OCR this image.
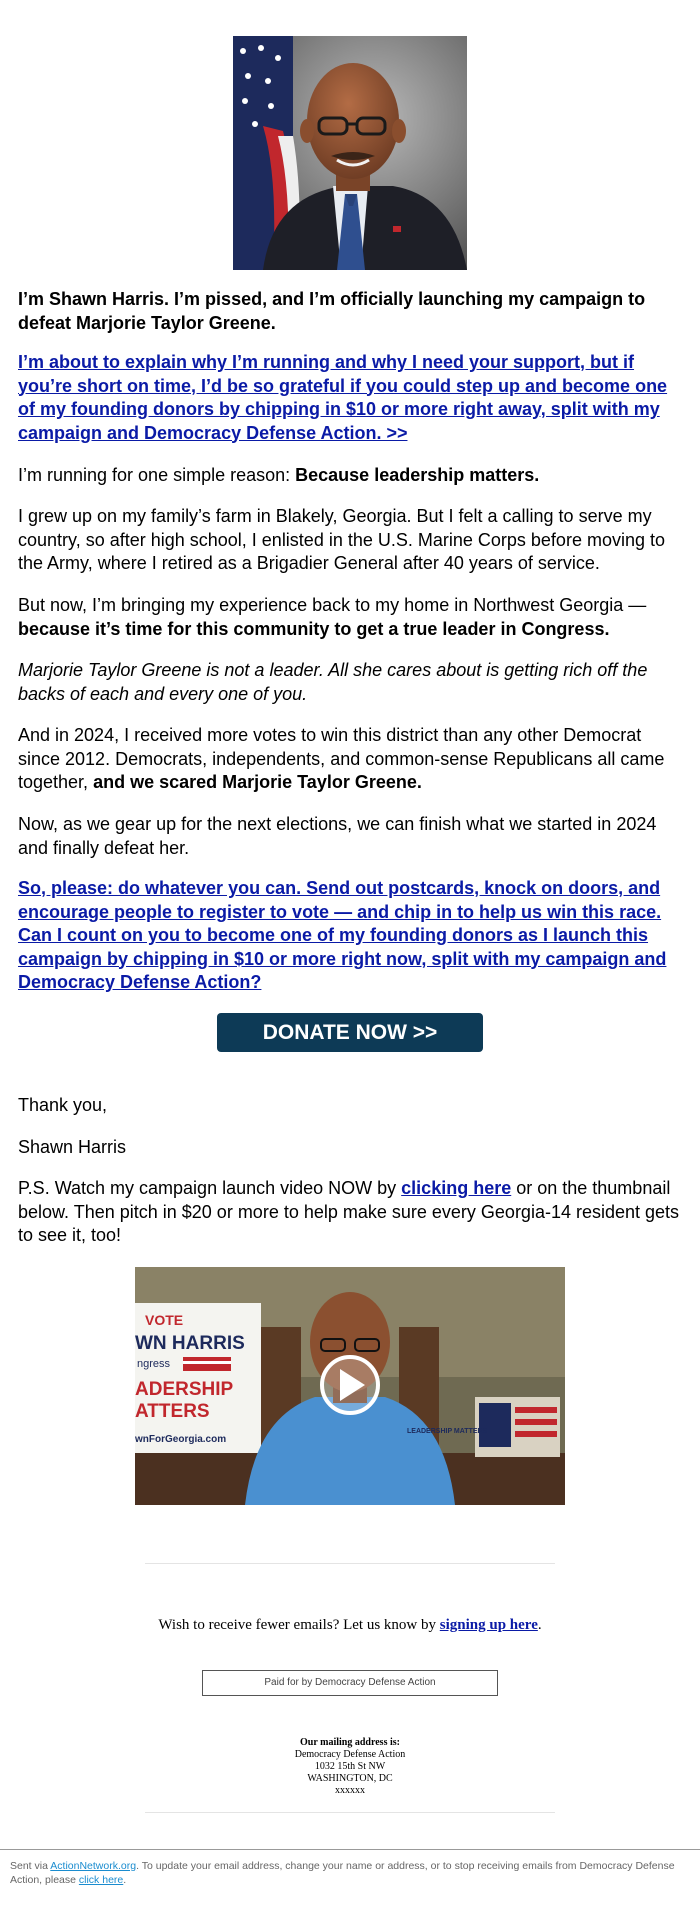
I’m Shawn Harris. I’m pissed, and I’m officially launching my campaign to defeat Marjorie Taylor Greene.

I’m about to explain why I’m running and why I need your support, but if you’re short on time, I’d be so grateful if you could step up and become one of my founding donors by chipping in $10 or more right away, split with my campaign and Democracy Defense Action. >>

I’m running for one simple reason: Because leadership matters.

I grew up on my family’s farm in Blakely, Georgia. But I felt a calling to serve my country, so after high school, I enlisted in the U.S. Marine Corps before moving to the Army, where I retired as a Brigadier General after 40 years of service.

But now, I’m bringing my experience back to my home in Northwest Georgia — because it’s time for this community to get a true leader in Congress.

Marjorie Taylor Greene is not a leader. All she cares about is getting rich off the backs of each and every one of you.

And in 2024, I received more votes to win this district than any other Democrat since 2012. Democrats, independents, and common-sense Republicans all came together, and we scared Marjorie Taylor Greene.

Now, as we gear up for the next elections, we can finish what we started in 2024 and finally defeat her.

So, please: do whatever you can. Send out postcards, knock on doors, and encourage people to register to vote — and chip in to help us win this race. Can I count on you to become one of my founding donors as I launch this campaign by chipping in $10 or more right now, split with my campaign and Democracy Defense Action?

DONATE NOW >>

Thank you,

Shawn Harris

P.S. Watch my campaign launch video NOW by clicking here or on the thumbnail below. Then pitch in $20 or more to help make sure every Georgia-14 resident gets to see it, too!

VOTE
WN HARRIS
ngress
ADERSHIP
ATTERS
wnForGeorgia.com
LEADERSHIP MATTERS
Wish to receive fewer emails? Let us know by signing up here.
Paid for by Democracy Defense Action
Our mailing address is:
Democracy Defense Action
1032 15th St NW
WASHINGTON, DC
xxxxxx
Sent via ActionNetwork.org. To update your email address, change your name or address, or to stop receiving emails from Democracy Defense Action, please click here.
